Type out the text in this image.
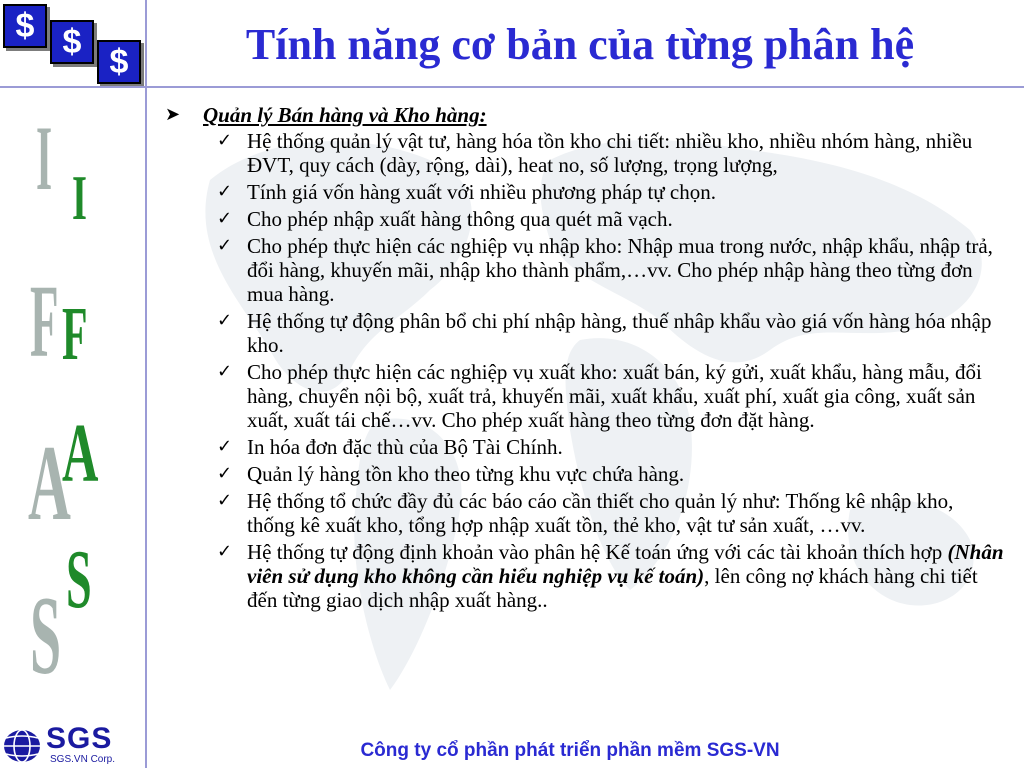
$ $
$	Tính năng cơ bản của từng phân hệ
I I
F F
A
A
S S
➤	Quản lý Bán hàng và Kho hàng:
✓ Hệ thống quản lý vật tư, hàng hóa tồn kho chi tiết: nhiều kho, nhiều nhóm hàng, nhiều ĐVT, quy cách (dày, rộng, dài), heat no, số lượng, trọng lượng,
✓ Tính giá vốn hàng xuất với nhiều phương pháp tự chọn.
✓ Cho phép nhập xuất hàng thông qua quét mã vạch.
✓ Cho phép thực hiện các nghiệp vụ nhập kho: Nhập mua trong nước, nhập khẩu, nhập trả, đổi hàng, khuyến mãi, nhập kho thành phẩm,…vv. Cho phép nhập hàng theo từng đơn mua hàng.
✓ Hệ thống tự động phân bổ chi phí nhập hàng, thuế nhâp khẩu vào giá vốn hàng hóa nhập kho.
✓ Cho phép thực hiện các nghiệp vụ xuất kho: xuất bán, ký gửi, xuất khẩu, hàng mẫu, đổi hàng, chuyển nội bộ, xuất trả, khuyến mãi, xuất khẩu, xuất phí, xuất gia công, xuất sản xuất, xuất tái chế…vv. Cho phép xuất hàng theo từng đơn đặt hàng.
✓ In hóa đơn đặc thù của Bộ Tài Chính.
✓ Quản lý hàng tồn kho theo từng khu vực chứa hàng.
✓ Hệ thống tổ chức đầy đủ các báo cáo cần thiết cho quản lý như: Thống kê nhập kho, thống kê xuất kho, tổng hợp nhập xuất tồn, thẻ kho, vật tư sản xuất, …vv.
✓ Hệ thống tự động định khoản vào phân hệ Kế toán ứng với các tài khoản thích hợp (Nhân viên sử dụng kho không cần hiểu nghiệp vụ kế toán), lên công nợ khách hàng chi tiết đến từng giao dịch nhập xuất hàng..
SGS
SGS.VN Corp.	Công ty cổ phần phát triển phần mềm SGS-VN
